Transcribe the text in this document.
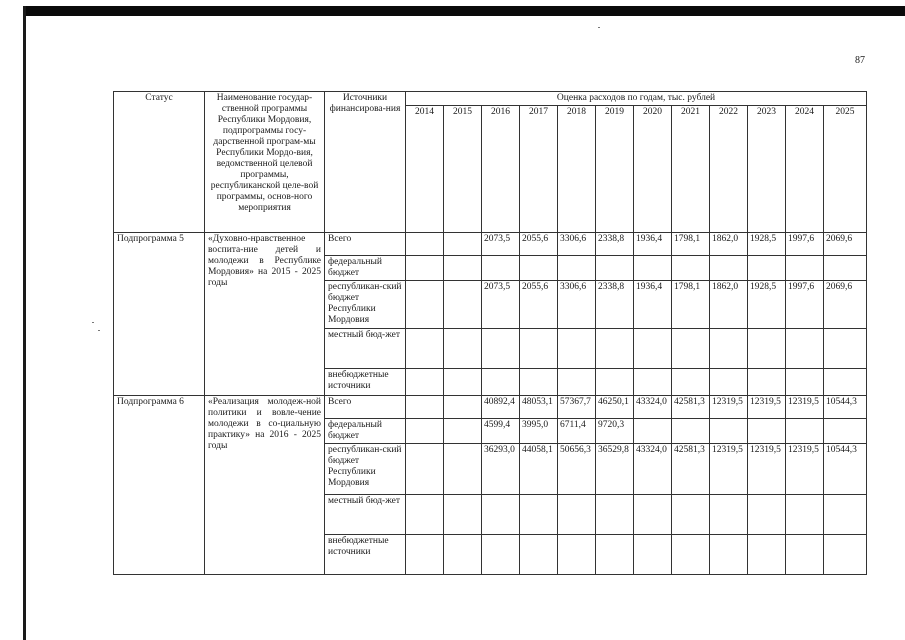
87
Статус	Наименование государ-ственной программы Республики Мордовия, подпрограммы госу-дарственной програм-мы Республики Мордо-вия, ведомственной целевой программы, республиканской целе-вой программы, основ-ного мероприятия	Источники финансирова-ния	Оценка расходов по годам, тыс. рублей											
			2014	2015	2016	2017	2018	2019	2020	2021	2022	2023	2024	2025
Подпрограмма 5	«Духовно-нравственное воспита-ние детей и молодежи в Республике Мордовия» на 2015 - 2025 годы	Всего			2073,5	2055,6	3306,6	2338,8	1936,4	1798,1	1862,0	1928,5	1997,6	2069,6
		федеральный бюджет												
		республикан-ский бюджет Республики Мордовия			2073,5	2055,6	3306,6	2338,8	1936,4	1798,1	1862,0	1928,5	1997,6	2069,6
		местный бюд-жет												
		внебюджетные источники												
Подпрограмма 6	«Реализация молодеж-ной политики и вовле-чение молодежи в со-циальную практику» на 2016 - 2025 годы	Всего			40892,4	48053,1	57367,7	46250,1	43324,0	42581,3	12319,5	12319,5	12319,5	10544,3
		федеральный бюджет			4599,4	3995,0	6711,4	9720,3						
		республикан-ский бюджет Республики Мордовия			36293,0	44058,1	50656,3	36529,8	43324,0	42581,3	12319,5	12319,5	12319,5	10544,3
		местный бюд-жет												
		внебюджетные источники												
